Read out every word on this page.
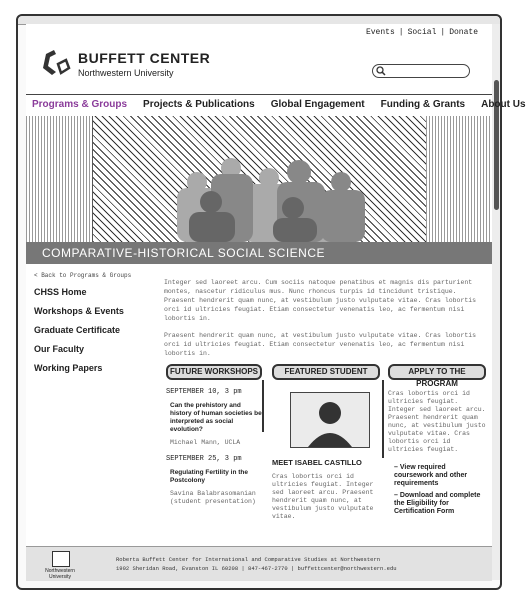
Events | Social | Donate
BUFFETT CENTER
Northwestern University
Programs & Groups	Projects & Publications	Global Engagement	Funding & Grants	About Us
COMPARATIVE-HISTORICAL SOCIAL SCIENCE
< Back to Programs & Groups
CHSS Home
Workshops & Events
Graduate Certificate
Our Faculty
Working Papers

Integer sed laoreet arcu. Cum sociis natoque penatibus et magnis dis parturient montes, nascetur ridiculus mus. Nunc rhoncus turpis id tincidunt tristique. Praesent hendrerit quam nunc, at vestibulum justo vulputate vitae. Cras lobortis orci id ultricies feugiat. Etiam consectetur venenatis leo, ac fermentum nisi lobortis in.

Praesent hendrerit quam nunc, at vestibulum justo vulputate vitae. Cras lobortis orci id ultricies feugiat. Etiam consectetur venenatis leo, ac fermentum nisi lobortis in.

FUTURE WORKSHOPS
SEPTEMBER 10, 3 pm
Can the prehistory and history of human societies be interpreted as social evolution?
Michael Mann, UCLA
SEPTEMBER 25, 3 pm
Regulating Fertility in the Postcolony
Savina Balabrasomanian (student presentation)
FEATURED STUDENT
MEET ISABEL CASTILLO
Cras lobortis orci id ultricies feugiat. Integer sed laoreet arcu. Praesent hendrerit quam nunc, at vestibulum justo vulputate vitae.
APPLY TO THE PROGRAM
Cras lobortis orci id ultricies feugiat. Integer sed laoreet arcu. Praesent hendrerit quam nunc, at vestibulum justo vulputate vitae. Cras lobortis orci id ultricies feugiat.
– View required coursework and other requirements
– Download and complete the Eligibility for Certification Form
Northwestern University
Roberta Buffett Center for International and Comparative Studies at Northwestern
1902 Sheridan Road, Evanston IL 60208 | 847-467-2770 | buffettcenter@northwestern.edu
